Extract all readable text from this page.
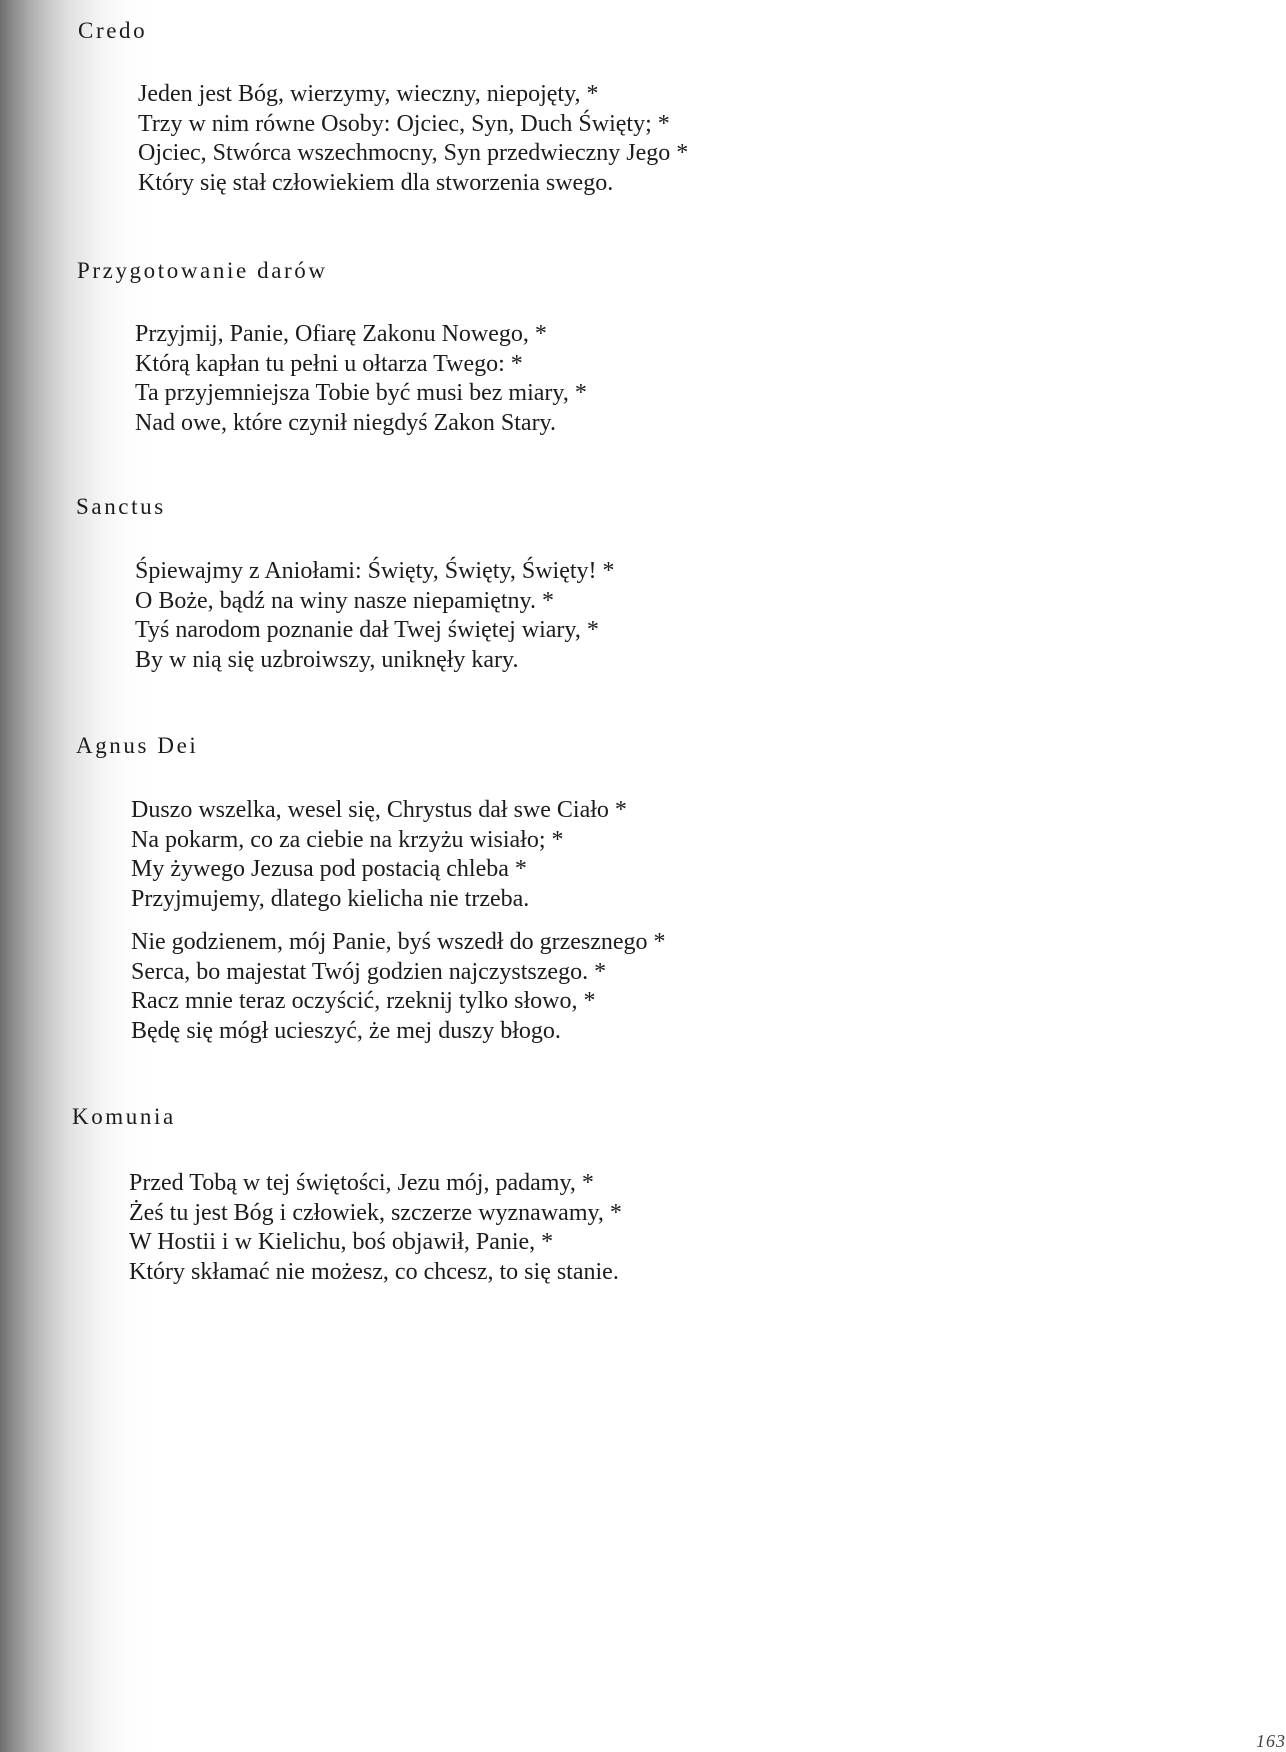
Credo
Jeden jest Bóg, wierzymy, wieczny, niepojęty, *
Trzy w nim równe Osoby: Ojciec, Syn, Duch Święty; *
Ojciec, Stwórca wszechmocny, Syn przedwieczny Jego *
Który się stał człowiekiem dla stworzenia swego.
Przygotowanie darów
Przyjmij, Panie, Ofiarę Zakonu Nowego, *
Którą kapłan tu pełni u ołtarza Twego: *
Ta przyjemniejsza Tobie być musi bez miary, *
Nad owe, które czynił niegdyś Zakon Stary.
Sanctus
Śpiewajmy z Aniołami: Święty, Święty, Święty! *
O Boże, bądź na winy nasze niepamiętny. *
Tyś narodom poznanie dał Twej świętej wiary, *
By w nią się uzbroiwszy, uniknęły kary.
Agnus Dei
Duszo wszelka, wesel się, Chrystus dał swe Ciało *
Na pokarm, co za ciebie na krzyżu wisiało; *
My żywego Jezusa pod postacią chleba *
Przyjmujemy, dlatego kielicha nie trzeba.
Nie godzienem, mój Panie, byś wszedł do grzesznego *
Serca, bo majestat Twój godzien najczystszego. *
Racz mnie teraz oczyścić, rzeknij tylko słowo, *
Będę się mógł ucieszyć, że mej duszy błogo.
Komunia
Przed Tobą w tej świętości, Jezu mój, padamy, *
Żeś tu jest Bóg i człowiek, szczerze wyznawamy, *
W Hostii i w Kielichu, boś objawił, Panie, *
Który skłamać nie możesz, co chcesz, to się stanie.
163
